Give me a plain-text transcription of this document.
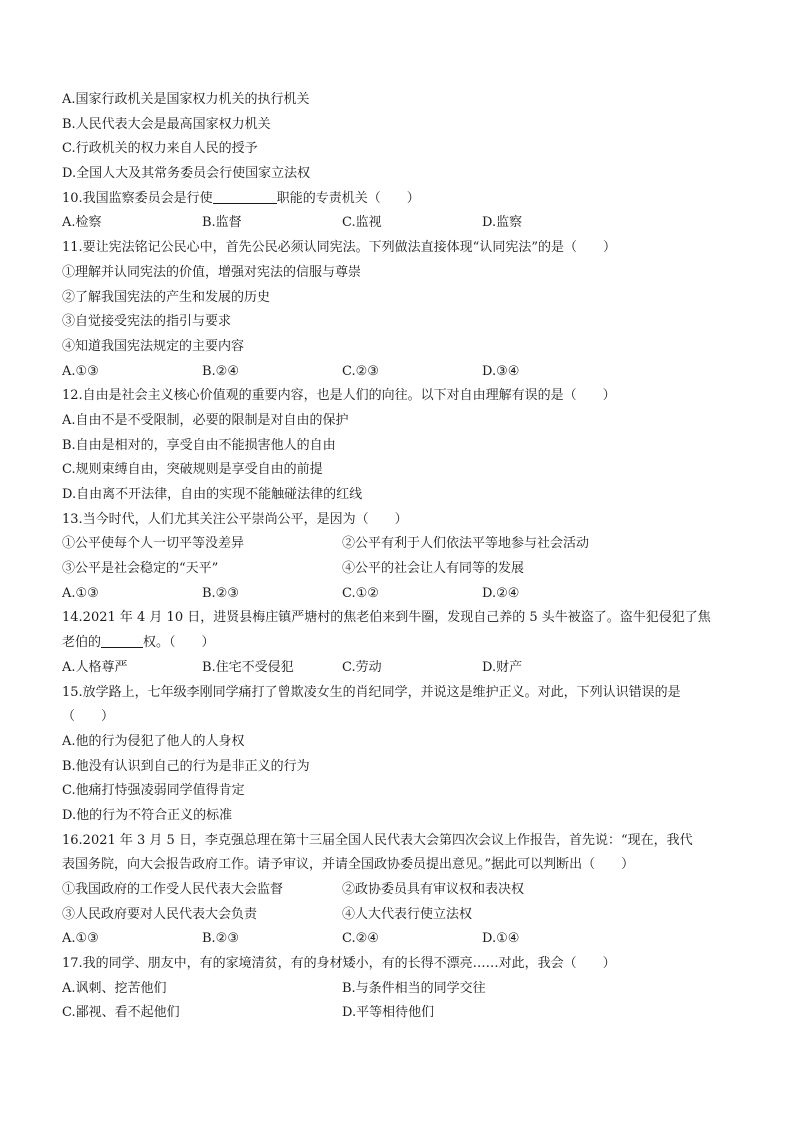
A.国家行政机关是国家权力机关的执行机关
B.人民代表大会是最高国家权力机关
C.行政机关的权力来自人民的授予
D.全国人大及其常务委员会行使国家立法权
10.我国监察委员会是行使	职能的专责机关（　　）
A.检察	B.监督	C.监视	D.监察
11.要让宪法铭记公民心中，首先公民必须认同宪法。下列做法直接体现“认同宪法”的是（　　）
①理解并认同宪法的价值，增强对宪法的信服与尊崇
②了解我国宪法的产生和发展的历史
③自觉接受宪法的指引与要求
④知道我国宪法规定的主要内容
A.①③	B.②④	C.②③	D.③④
12.自由是社会主义核心价值观的重要内容，也是人们的向往。以下对自由理解有误的是（　　）
A.自由不是不受限制，必要的限制是对自由的保护
B.自由是相对的，享受自由不能损害他人的自由
C.规则束缚自由，突破规则是享受自由的前提
D.自由离不开法律，自由的实现不能触碰法律的红线
13.当今时代，人们尤其关注公平崇尚公平，是因为（　　）
①公平使每个人一切平等没差异	②公平有利于人们依法平等地参与社会活动
③公平是社会稳定的“天平”	④公平的社会让人有同等的发展
A.①③	B.②③	C.①②	D.②④
14.2021 年 4 月 10 日，进贤县梅庄镇严塘村的焦老伯来到牛圈，发现自己养的 5 头牛被盗了。盗牛犯侵犯了焦
老伯的	权。（　　）
A.人格尊严	B.住宅不受侵犯	C.劳动	D.财产
15.放学路上，七年级李刚同学痛打了曾欺凌女生的肖纪同学，并说这是维护正义。对此，下列认识错误的是
（　　）
A.他的行为侵犯了他人的人身权
B.他没有认识到自己的行为是非正义的行为
C.他痛打恃强凌弱同学值得肯定
D.他的行为不符合正义的标准
16.2021 年 3 月 5 日，李克强总理在第十三届全国人民代表大会第四次会议上作报告，首先说：“现在，我代
表国务院，向大会报告政府工作。请予审议，并请全国政协委员提出意见。”据此可以判断出（　　）
①我国政府的工作受人民代表大会监督	②政协委员具有审议权和表决权
③人民政府要对人民代表大会负责	④人大代表行使立法权
A.①③	B.②③	C.②④	D.①④
17.我的同学、朋友中，有的家境清贫，有的身材矮小，有的长得不漂亮……对此，我会（　　）
A.讽刺、挖苦他们	B.与条件相当的同学交往
C.鄙视、看不起他们	D.平等相待他们
